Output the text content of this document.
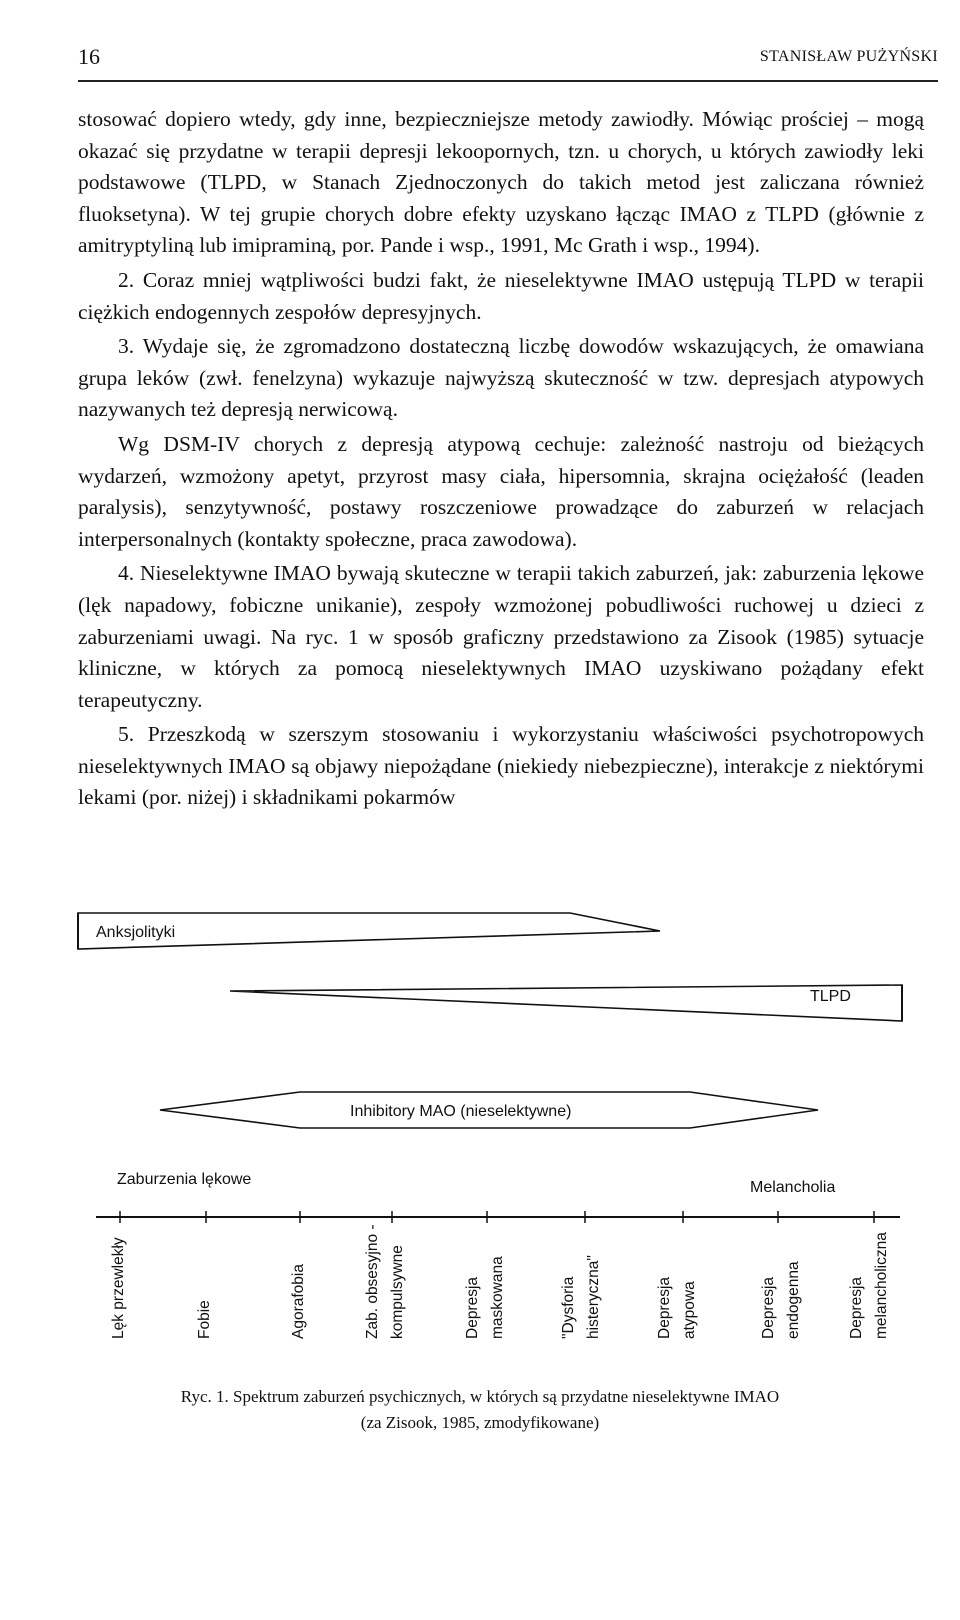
16	STANISŁAW PUŻYŃSKI

stosować dopiero wtedy, gdy inne, bezpieczniejsze metody zawiodły. Mówiąc prościej – mogą okazać się przydatne w terapii depresji lekoopornych, tzn. u chorych, u których zawiodły leki podstawowe (TLPD, w Stanach Zjednoczonych do takich metod jest zaliczana również fluoksetyna). W tej grupie chorych dobre efekty uzyskano łącząc IMAO z TLPD (głównie z amitryptyliną lub imipraminą, por. Pande i wsp., 1991, Mc Grath i wsp., 1994).

2. Coraz mniej wątpliwości budzi fakt, że nieselektywne IMAO ustępują TLPD w terapii ciężkich endogennych zespołów depresyjnych.

3. Wydaje się, że zgromadzono dostateczną liczbę dowodów wskazujących, że omawiana grupa leków (zwł. fenelzyna) wykazuje najwyższą skuteczność w tzw. depresjach atypowych nazywanych też depresją nerwicową.

Wg DSM-IV chorych z depresją atypową cechuje: zależność nastroju od bieżących wydarzeń, wzmożony apetyt, przyrost masy ciała, hipersomnia, skrajna ociężałość (leaden paralysis), senzytywność, postawy roszczeniowe prowadzące do zaburzeń w relacjach interpersonalnych (kontakty społeczne, praca zawodowa).

4. Nieselektywne IMAO bywają skuteczne w terapii takich zaburzeń, jak: zaburzenia lękowe (lęk napadowy, fobiczne unikanie), zespoły wzmożonej pobudliwości ruchowej u dzieci z zaburzeniami uwagi. Na ryc. 1 w sposób graficzny przedstawiono za Zisook (1985) sytuacje kliniczne, w których za pomocą nieselektywnych IMAO uzyskiwano pożądany efekt terapeutyczny.

5. Przeszkodą w szerszym stosowaniu i wykorzystaniu właściwości psychotropowych nieselektywnych IMAO są objawy niepożądane (niekiedy niebezpieczne), interakcje z niektórymi lekami (por. niżej) i składnikami pokarmów

Anksjolityki
TLPD
Inhibitory MAO (nieselektywne)
Zaburzenia lękowe	Melancholia
Lęk przewlekły	Fobie	Agorafobia	Zab. obsesyjno - kompulsywne	Depresja maskowana	"Dysforia histeryczna"	Depresja atypowa	Depresja endogenna	Depresja melancholiczna
Ryc. 1. Spektrum zaburzeń psychicznych, w których są przydatne nieselektywne IMAO
(za Zisook, 1985, zmodyfikowane)
